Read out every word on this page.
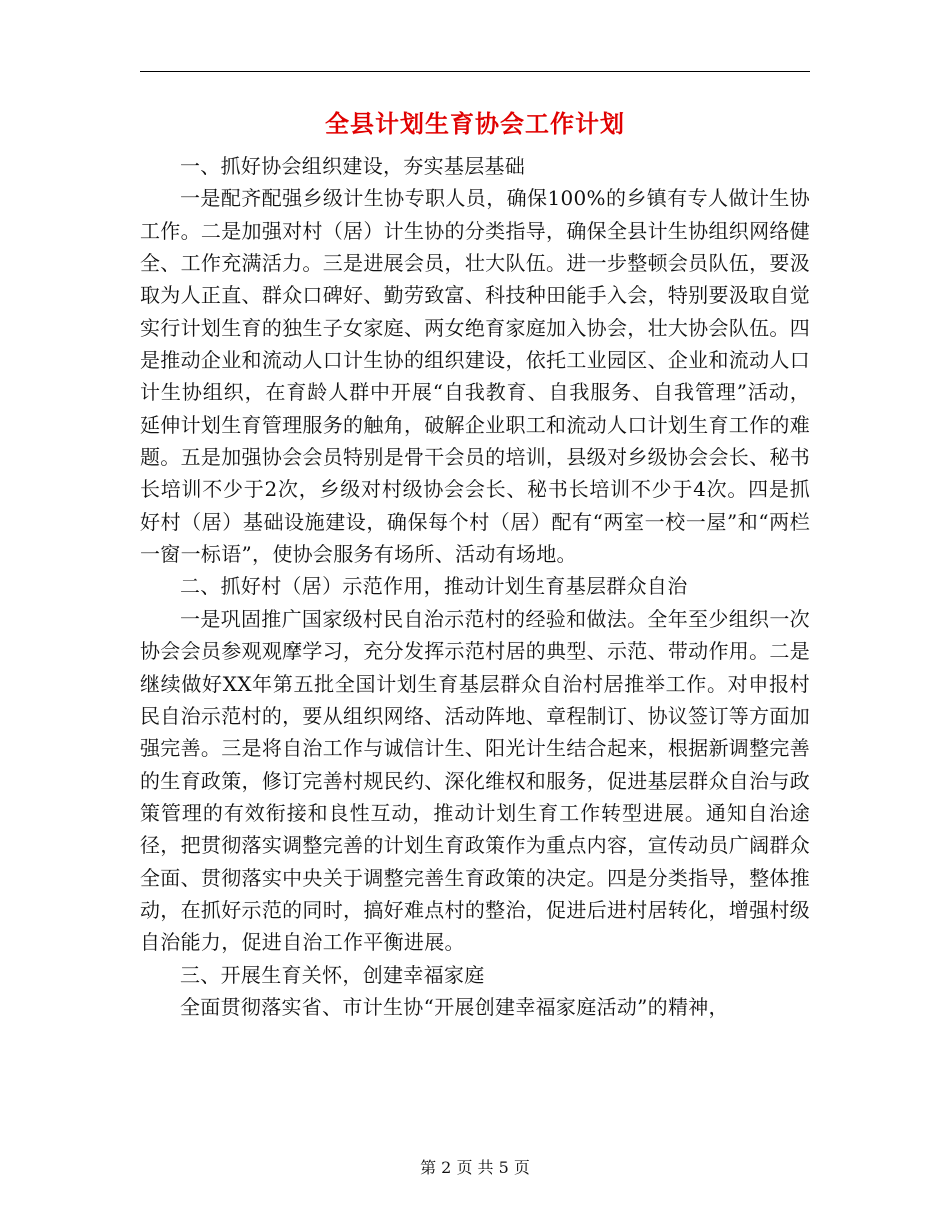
全县计划生育协会工作计划

一、抓好协会组织建设，夯实基层基础

一是配齐配强乡级计生协专职人员，确保100%的乡镇有专人做计生协工作。二是加强对村（居）计生协的分类指导，确保全县计生协组织网络健全、工作充满活力。三是进展会员，壮大队伍。进一步整顿会员队伍，要汲取为人正直、群众口碑好、勤劳致富、科技种田能手入会，特别要汲取自觉实行计划生育的独生子女家庭、两女绝育家庭加入协会，壮大协会队伍。四是推动企业和流动人口计生协的组织建设，依托工业园区、企业和流动人口计生协组织，在育龄人群中开展“自我教育、自我服务、自我管理”活动，延伸计划生育管理服务的触角，破解企业职工和流动人口计划生育工作的难题。五是加强协会会员特别是骨干会员的培训，县级对乡级协会会长、秘书长培训不少于2次，乡级对村级协会会长、秘书长培训不少于4次。四是抓好村（居）基础设施建设，确保每个村（居）配有“两室一校一屋”和“两栏一窗一标语”，使协会服务有场所、活动有场地。

二、抓好村（居）示范作用，推动计划生育基层群众自治

一是巩固推广国家级村民自治示范村的经验和做法。全年至少组织一次协会会员参观观摩学习，充分发挥示范村居的典型、示范、带动作用。二是继续做好XX年第五批全国计划生育基层群众自治村居推举工作。对申报村民自治示范村的，要从组织网络、活动阵地、章程制订、协议签订等方面加强完善。三是将自治工作与诚信计生、阳光计生结合起来，根据新调整完善的生育政策，修订完善村规民约、深化维权和服务，促进基层群众自治与政策管理的有效衔接和良性互动，推动计划生育工作转型进展。通知自治途径，把贯彻落实调整完善的计划生育政策作为重点内容，宣传动员广阔群众全面、贯彻落实中央关于调整完善生育政策的决定。四是分类指导，整体推动，在抓好示范的同时，搞好难点村的整治，促进后进村居转化，增强村级自治能力，促进自治工作平衡进展。

三、开展生育关怀，创建幸福家庭

全面贯彻落实省、市计生协“开展创建幸福家庭活动”的精神，

第 2 页 共 5 页
